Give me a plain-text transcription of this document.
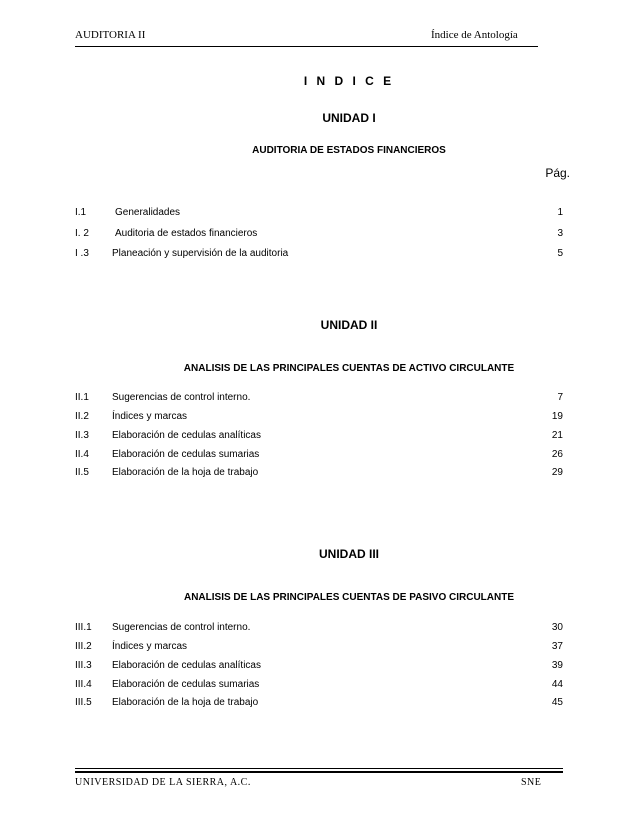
AUDITORIA II	Índice de Antología
I N D I C E
UNIDAD I
AUDITORIA DE ESTADOS FINANCIEROS
Pág.
I.1	Generalidades	1
I. 2	Auditoria de estados financieros	3
I .3 Planeación y supervisión de la auditoria	5
UNIDAD II
ANALISIS DE LAS PRINCIPALES CUENTAS DE ACTIVO CIRCULANTE
II.1 Sugerencias de control interno.	7
II.2 Índices y marcas	19
II.3 Elaboración de cedulas analíticas	21
II.4 Elaboración de cedulas sumarias	26
II.5 Elaboración de la hoja de trabajo	29
UNIDAD III
ANALISIS DE LAS PRINCIPALES CUENTAS DE PASIVO CIRCULANTE
III.1 Sugerencias de control interno.	30
III.2 Índices y marcas	37
III.3 Elaboración de cedulas analíticas	39
III.4 Elaboración de cedulas sumarias	44
III.5 Elaboración de la hoja de trabajo	45
UNIVERSIDAD DE LA SIERRA, A.C.	SNE
